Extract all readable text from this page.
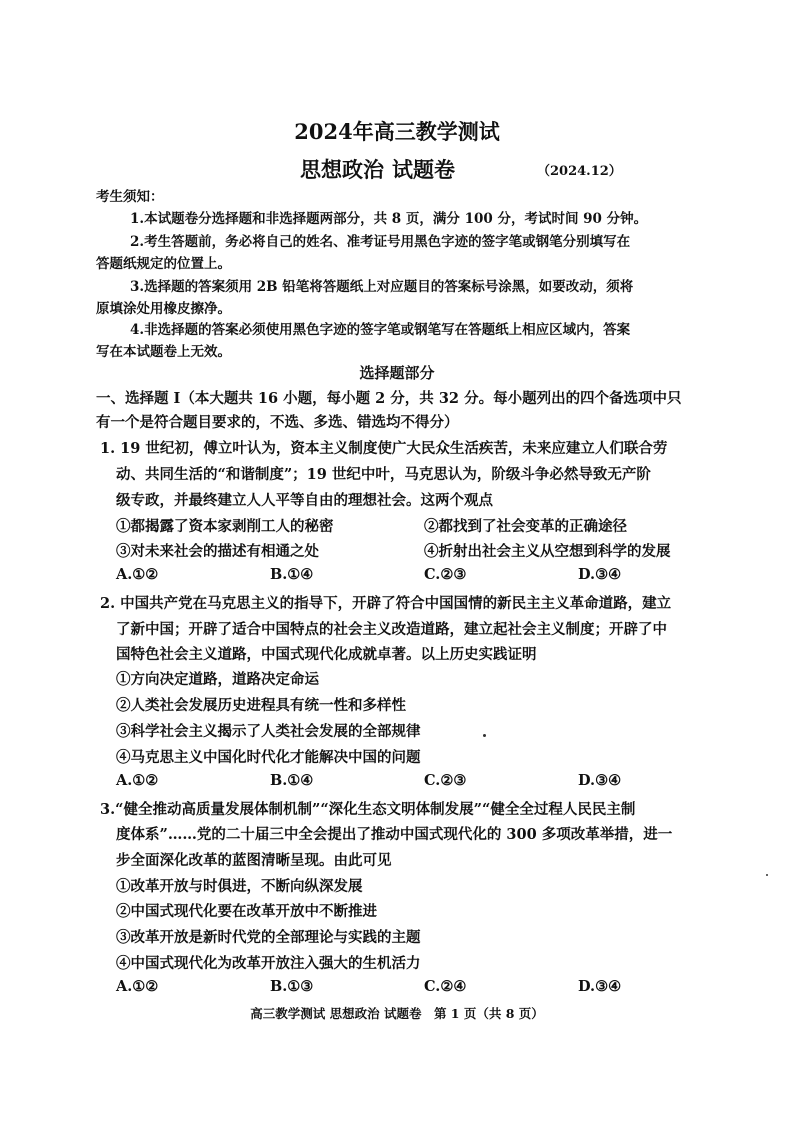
2024年高三教学测试
思想政治 试题卷	（2024.12）
考生须知：
1.本试题卷分选择题和非选择题两部分，共 8 页，满分 100 分，考试时间 90 分钟。
2.考生答题前，务必将自己的姓名、准考证号用黑色字迹的签字笔或钢笔分别填写在
答题纸规定的位置上。
3.选择题的答案须用 2B 铅笔将答题纸上对应题目的答案标号涂黑，如要改动，须将
原填涂处用橡皮擦净。
4.非选择题的答案必须使用黑色字迹的签字笔或钢笔写在答题纸上相应区域内，答案
写在本试题卷上无效。
选择题部分
一、选择题 Ⅰ（本大题共 16 小题，每小题 2 分，共 32 分。每小题列出的四个备选项中只
有一个是符合题目要求的，不选、多选、错选均不得分）
1. 19 世纪初，傅立叶认为，资本主义制度使广大民众生活疾苦，未来应建立人们联合劳
动、共同生活的“和谐制度”；19 世纪中叶，马克思认为，阶级斗争必然导致无产阶
级专政，并最终建立人人平等自由的理想社会。这两个观点
①都揭露了资本家剥削工人的秘密	②都找到了社会变革的正确途径
③对未来社会的描述有相通之处	④折射出社会主义从空想到科学的发展
A.①②	B.①④	C.②③	D.③④
2. 中国共产党在马克思主义的指导下，开辟了符合中国国情的新民主主义革命道路，建立
了新中国；开辟了适合中国特点的社会主义改造道路，建立起社会主义制度；开辟了中
国特色社会主义道路，中国式现代化成就卓著。以上历史实践证明
①方向决定道路，道路决定命运
②人类社会发展历史进程具有统一性和多样性
③科学社会主义揭示了人类社会发展的全部规律
④马克思主义中国化时代化才能解决中国的问题
A.①②	B.①④	C.②③	D.③④
3.“健全推动高质量发展体制机制”“深化生态文明体制发展”“健全全过程人民民主制
度体系”……党的二十届三中全会提出了推动中国式现代化的 300 多项改革举措，进一
步全面深化改革的蓝图清晰呈现。由此可见
①改革开放与时俱进，不断向纵深发展
②中国式现代化要在改革开放中不断推进
③改革开放是新时代党的全部理论与实践的主题
④中国式现代化为改革开放注入强大的生机活力
A.①②	B.①③	C.②④	D.③④
高三教学测试 思想政治 试题卷　第 1 页（共 8 页）
